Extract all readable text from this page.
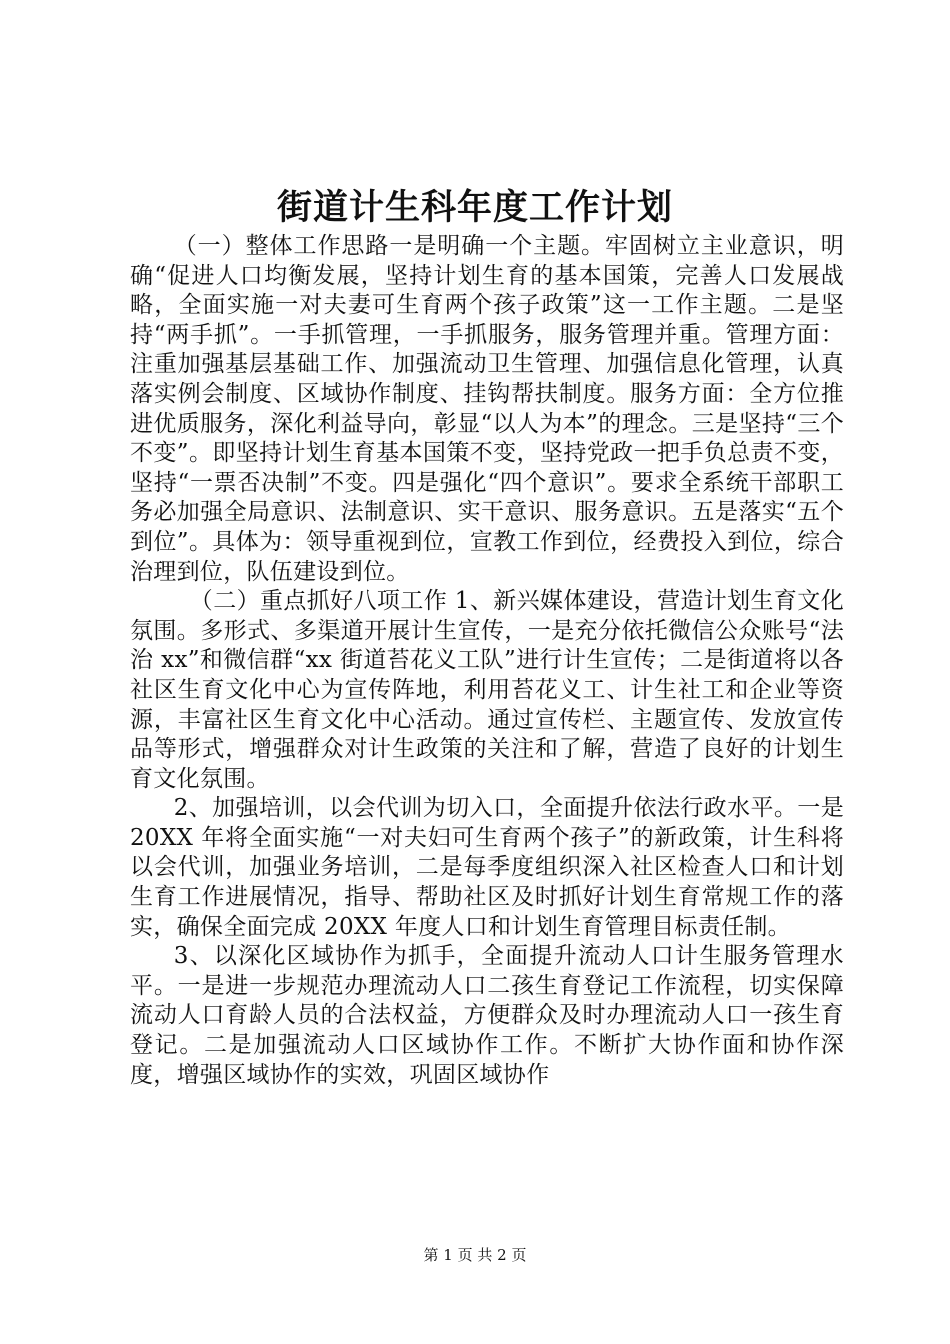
街道计生科年度工作计划

（一）整体工作思路一是明确一个主题。牢固树立主业意识，明确“促进人口均衡发展，坚持计划生育的基本国策，完善人口发展战略，全面实施一对夫妻可生育两个孩子政策”这一工作主题。二是坚持“两手抓”。一手抓管理，一手抓服务，服务管理并重。管理方面：注重加强基层基础工作、加强流动卫生管理、加强信息化管理，认真落实例会制度、区域协作制度、挂钩帮扶制度。服务方面：全方位推进优质服务，深化利益导向，彰显“以人为本”的理念。三是坚持“三个不变”。即坚持计划生育基本国策不变，坚持党政一把手负总责不变，坚持“一票否决制”不变。四是强化“四个意识”。要求全系统干部职工务必加强全局意识、法制意识、实干意识、服务意识。五是落实“五个到位”。具体为：领导重视到位，宣教工作到位，经费投入到位，综合治理到位，队伍建设到位。

（二）重点抓好八项工作 1、新兴媒体建设，营造计划生育文化氛围。多形式、多渠道开展计生宣传，一是充分依托微信公众账号“法治 xx”和微信群“xx 街道苔花义工队”进行计生宣传；二是街道将以各社区生育文化中心为宣传阵地，利用苔花义工、计生社工和企业等资源，丰富社区生育文化中心活动。通过宣传栏、主题宣传、发放宣传品等形式，增强群众对计生政策的关注和了解，营造了良好的计划生育文化氛围。

2、加强培训，以会代训为切入口，全面提升依法行政水平。一是 20XX 年将全面实施“一对夫妇可生育两个孩子”的新政策，计生科将以会代训，加强业务培训，二是每季度组织深入社区检查人口和计划生育工作进展情况，指导、帮助社区及时抓好计划生育常规工作的落实，确保全面完成 20XX 年度人口和计划生育管理目标责任制。

3、以深化区域协作为抓手，全面提升流动人口计生服务管理水平。一是进一步规范办理流动人口二孩生育登记工作流程，切实保障流动人口育龄人员的合法权益，方便群众及时办理流动人口一孩生育登记。二是加强流动人口区域协作工作。不断扩大协作面和协作深度，增强区域协作的实效，巩固区域协作

第 1 页 共 2 页
